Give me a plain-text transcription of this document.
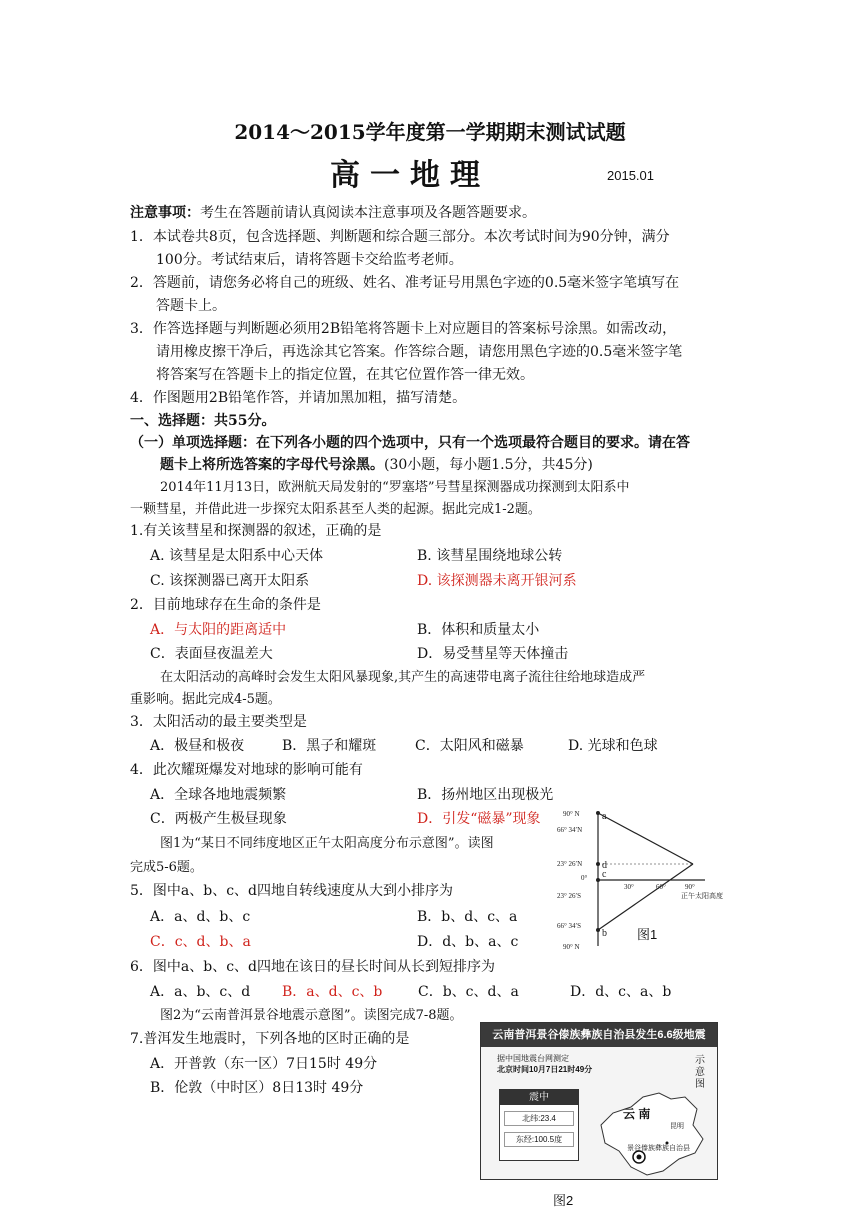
2014～2015学年度第一学期期末测试试题
高一地理	2015.01
注意事项：考生在答题前请认真阅读本注意事项及各题答题要求。
1．本试卷共8页，包含选择题、判断题和综合题三部分。本次考试时间为90分钟，满分
100分。考试结束后，请将答题卡交给监考老师。
2．答题前，请您务必将自己的班级、姓名、准考证号用黑色字迹的0.5毫米签字笔填写在
答题卡上。
3．作答选择题与判断题必须用2B铅笔将答题卡上对应题目的答案标号涂黑。如需改动，
请用橡皮擦干净后，再选涂其它答案。作答综合题，请您用黑色字迹的0.5毫米签字笔
将答案写在答题卡上的指定位置，在其它位置作答一律无效。
4．作图题用2B铅笔作答，并请加黑加粗，描写清楚。
一、选择题：共55分。
（一）单项选择题：在下列各小题的四个选项中，只有一个选项最符合题目的要求。请在答
题卡上将所选答案的字母代号涂黑。(30小题，每小题1.5分，共45分)
2014年11月13日，欧洲航天局发射的“罗塞塔”号彗星探测器成功探测到太阳系中
一颗彗星，并借此进一步探究太阳系甚至人类的起源。据此完成1-2题。
1.有关该彗星和探测器的叙述，正确的是
A. 该彗星是太阳系中心天体	B. 该彗星围绕地球公转
C. 该探测器已离开太阳系	D. 该探测器未离开银河系
2．目前地球存在生命的条件是
A．与太阳的距离适中	B．体积和质量太小
C．表面昼夜温差大	D．易受彗星等天体撞击
在太阳活动的高峰时会发生太阳风暴现象,其产生的高速带电离子流往往给地球造成严
重影响。据此完成4-5题。
3．太阳活动的最主要类型是
A．极昼和极夜	B．黑子和耀斑	C．太阳风和磁暴	D. 光球和色球
4．此次耀斑爆发对地球的影响可能有
A．全球各地地震频繁	B．扬州地区出现极光
C．两极产生极昼现象	D．引发“磁暴”现象
图1为“某日不同纬度地区正午太阳高度分布示意图”。读图
完成5-6题。
5．图中a、b、c、d四地自转线速度从大到小排序为
A．a、d、b、c	B．b、d、c、a
C．c、d、b、a	D．d、b、a、c
6．图中a、b、c、d四地在该日的昼长时间从长到短排序为
A．a、b、c、d B．a、d、c、b	C．b、c、d、a	D．d、c、a、b
图2为“云南普洱景谷地震示意图”。读图完成7-8题。
7.普洱发生地震时，下列各地的区时正确的是
A．开普敦（东一区）7日15时 49分
B．伦敦（中时区）8日13时 49分
90° N
66° 34′N
23° 26′N
0°
23° 26′S
66° 34′S
90° N
30°	60°	90°
正午太阳高度
a
d
c
b 图1
云南普洱景谷傣族彝族自治县发生6.6级地震
据中国地震台网测定
北京时间10月7日21时49分
震中
北纬:23.4
东经:100.5度
云 南
昆明
景谷傣族彝族自治县
示意图
图2
